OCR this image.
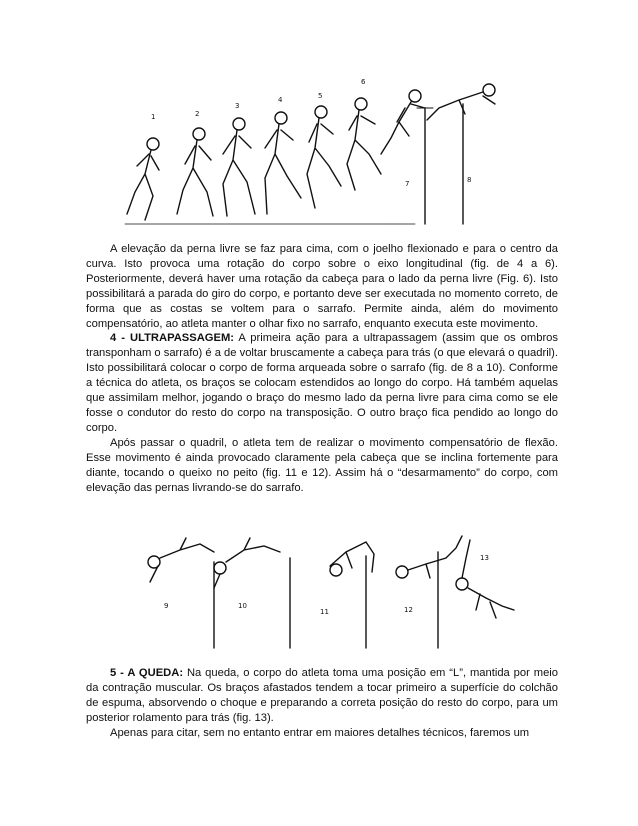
1	2
3
4	5
6
7	8

A elevação da perna livre se faz para cima, com o joelho flexionado e para o centro da curva. Isto provoca uma rotação do corpo sobre o eixo longitudinal (fig. de 4 a 6). Posteriormente, deverá haver uma rotação da cabeça para o lado da perna livre (Fig. 6). Isto possibilitará a parada do giro do corpo, e portanto deve ser executada no momento correto, de forma que as costas se voltem para o sarrafo. Permite ainda, além do movimento compensatório, ao atleta manter o olhar fixo no sarrafo, enquanto executa este movimento.

4 - ULTRAPASSAGEM: A primeira ação para a ultrapassagem (assim que os ombros transponham o sarrafo) é a de voltar bruscamente a cabeça para trás (o que elevará o quadril). Isto possibilitará colocar o corpo de forma arqueada sobre o sarrafo (fig. de 8 a 10). Conforme a técnica do atleta, os braços se colocam estendidos ao longo do corpo. Há também aquelas que assimilam melhor, jogando o braço do mesmo lado da perna livre para cima como se ele fosse o condutor do resto do corpo na transposição. O outro braço fica pendido ao longo do corpo.

Após passar o quadril, o atleta tem de realizar o movimento compensatório de flexão. Esse movimento é ainda provocado claramente pela cabeça que se inclina fortemente para diante, tocando o queixo no peito (fig. 11 e 12). Assim há o “desarmamento” do corpo, com elevação das pernas livrando-se do sarrafo.

9	10
11	12
13

5 - A QUEDA: Na queda, o corpo do atleta toma uma posição em “L”, mantida por meio da contração muscular. Os braços afastados tendem a tocar primeiro a superfície do colchão de espuma, absorvendo o choque e preparando a correta posição do resto do corpo, para um posterior rolamento para trás (fig. 13).

Apenas para citar, sem no entanto entrar em maiores detalhes técnicos, faremos um
